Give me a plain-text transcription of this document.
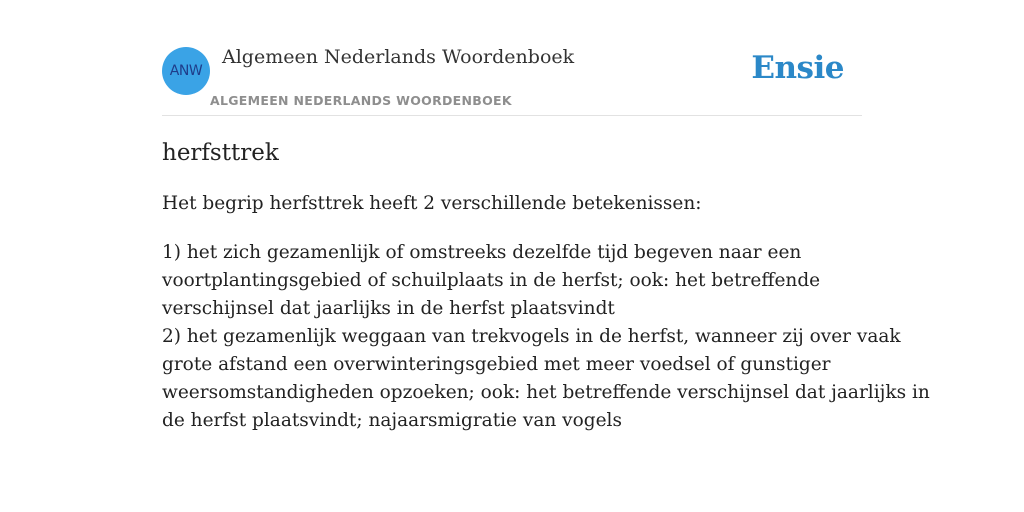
ANW
Algemeen Nederlands Woordenboek
ALGEMEEN NEDERLANDS WOORDENBOEK
Ensie
herfsttrek

Het begrip herfsttrek heeft 2 verschillende betekenissen:

1) het zich gezamenlijk of omstreeks dezelfde tijd begeven naar een
voortplantingsgebied of schuilplaats in de herfst; ook: het betreffende
verschijnsel dat jaarlijks in de herfst plaatsvindt
2) het gezamenlijk weggaan van trekvogels in de herfst, wanneer zij over vaak
grote afstand een overwinteringsgebied met meer voedsel of gunstiger
weersomstandigheden opzoeken; ook: het betreffende verschijnsel dat jaarlijks in
de herfst plaatsvindt; najaarsmigratie van vogels
